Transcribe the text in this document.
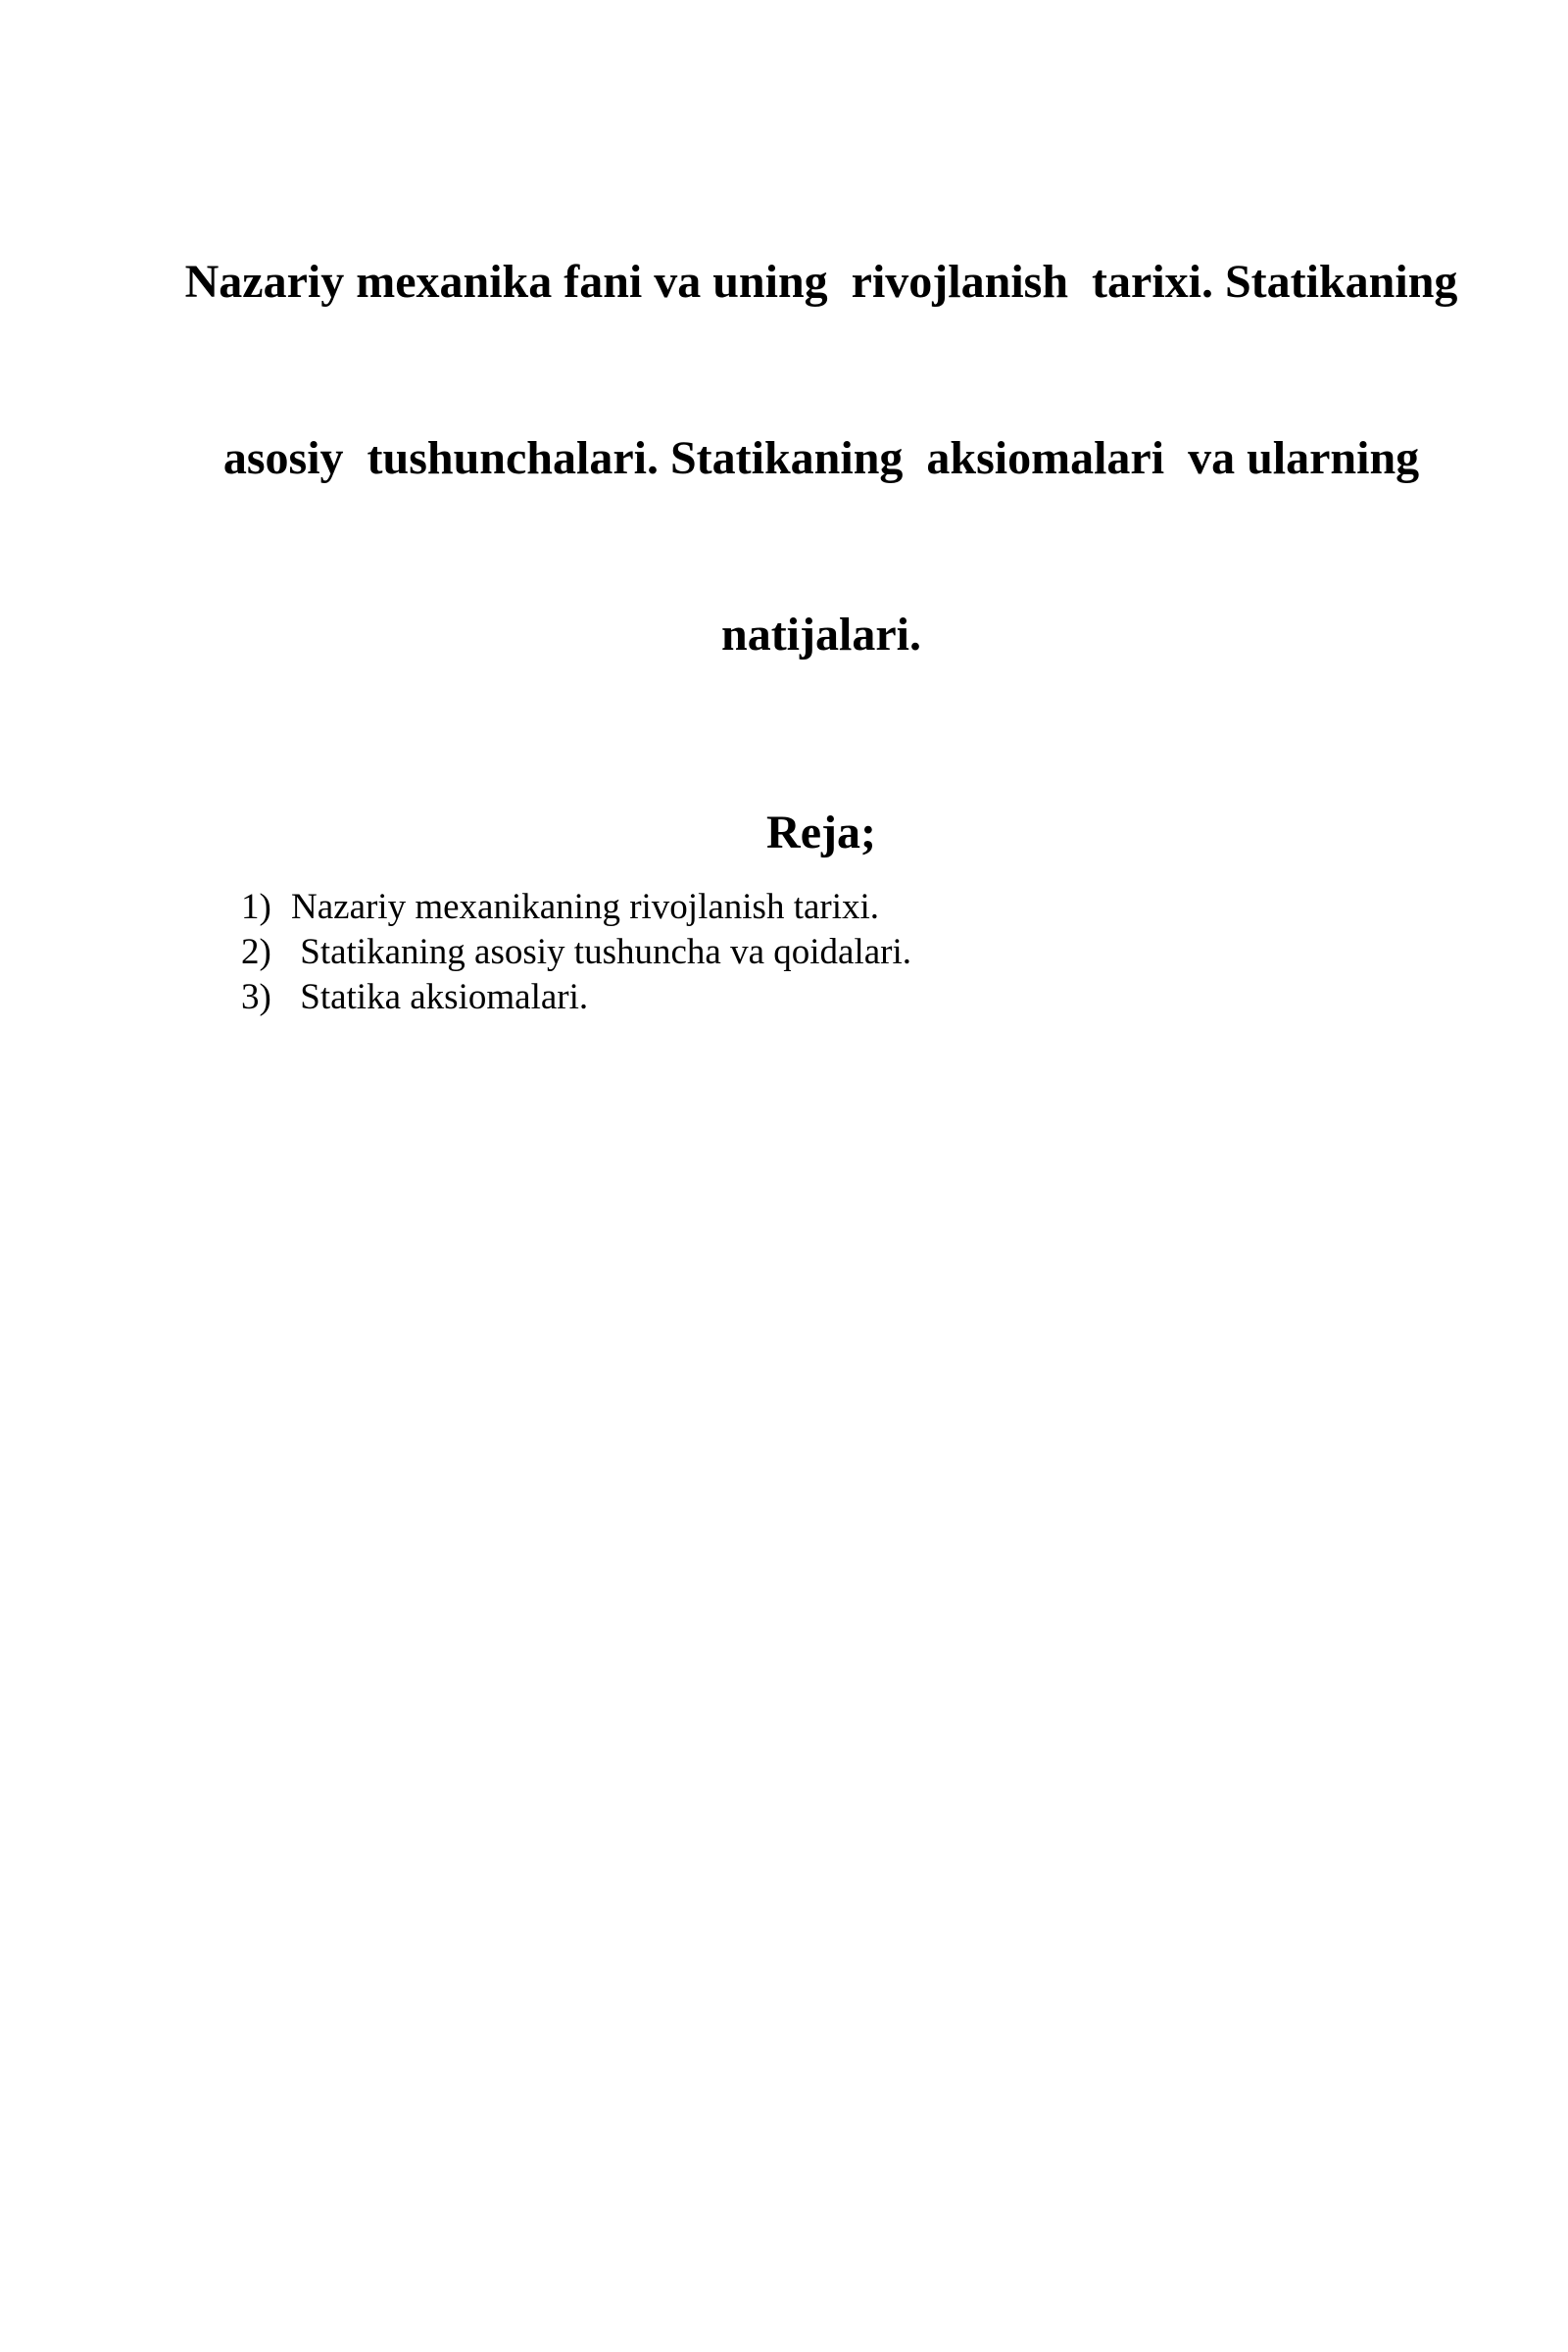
Nazariy mexanika fani va uning  rivojlanish  tarixi. Statikaning

asosiy  tushunchalari. Statikaning  aksiomalari  va ularning

natijalari.

Reja;
1) Nazariy mexanikaning rivojlanish tarixi.
2) Statikaning asosiy tushuncha va qoidalari.
3) Statika aksiomalari.
